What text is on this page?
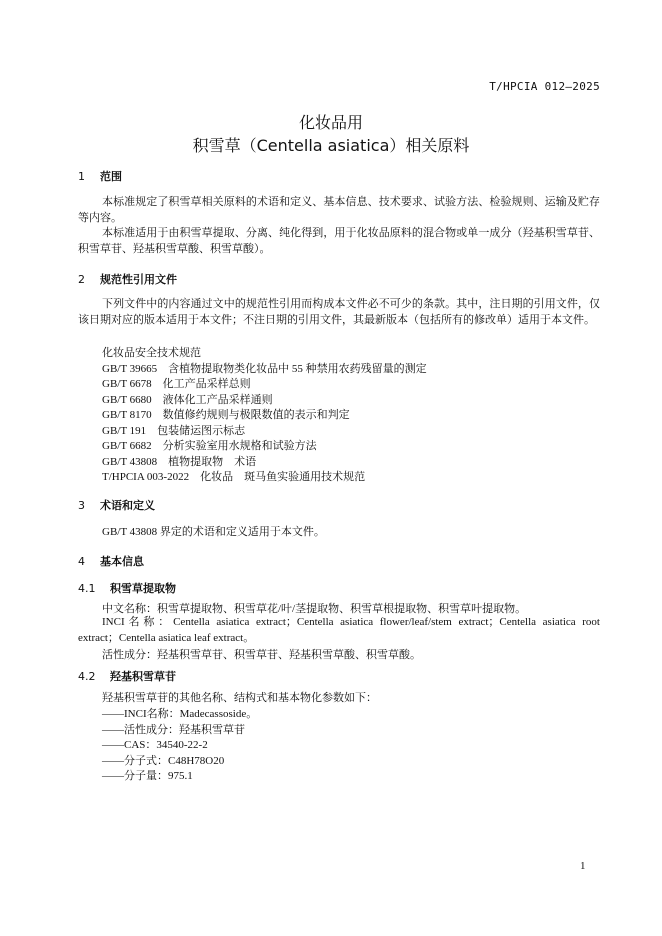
T/HPCIA 012—2025
化妆品用
积雪草（Centella asiatica）相关原料
1 范围
本标准规定了积雪草相关原料的术语和定义、基本信息、技术要求、试验方法、检验规则、运输及贮存等内容。
本标准适用于由积雪草提取、分离、纯化得到，用于化妆品原料的混合物或单一成分（羟基积雪草苷、积雪草苷、羟基积雪草酸、积雪草酸）。
2 规范性引用文件
下列文件中的内容通过文中的规范性引用而构成本文件必不可少的条款。其中，注日期的引用文件，仅该日期对应的版本适用于本文件；不注日期的引用文件，其最新版本（包括所有的修改单）适用于本文件。
化妆品安全技术规范
GB/T 39665　含植物提取物类化妆品中 55 种禁用农药残留量的测定
GB/T 6678　化工产品采样总则
GB/T 6680　液体化工产品采样通则
GB/T 8170　数值修约规则与极限数值的表示和判定
GB/T 191　包装储运图示标志
GB/T 6682　分析实验室用水规格和试验方法
GB/T 43808　植物提取物　术语
T/HPCIA 003-2022　化妆品　斑马鱼实验通用技术规范
3 术语和定义
GB/T 43808 界定的术语和定义适用于本文件。
4 基本信息
4.1 积雪草提取物
中文名称：积雪草提取物、积雪草花/叶/茎提取物、积雪草根提取物、积雪草叶提取物。
INCI名称：Centella asiatica extract；Centella asiatica flower/leaf/stem extract；Centella asiatica root extract；Centella asiatica leaf extract。
活性成分：羟基积雪草苷、积雪草苷、羟基积雪草酸、积雪草酸。
4.2 羟基积雪草苷
羟基积雪草苷的其他名称、结构式和基本物化参数如下：
——INCI名称：Madecassoside。
——活性成分：羟基积雪草苷
——CAS：34540-22-2
——分子式：C48H78O20
——分子量：975.1
1
